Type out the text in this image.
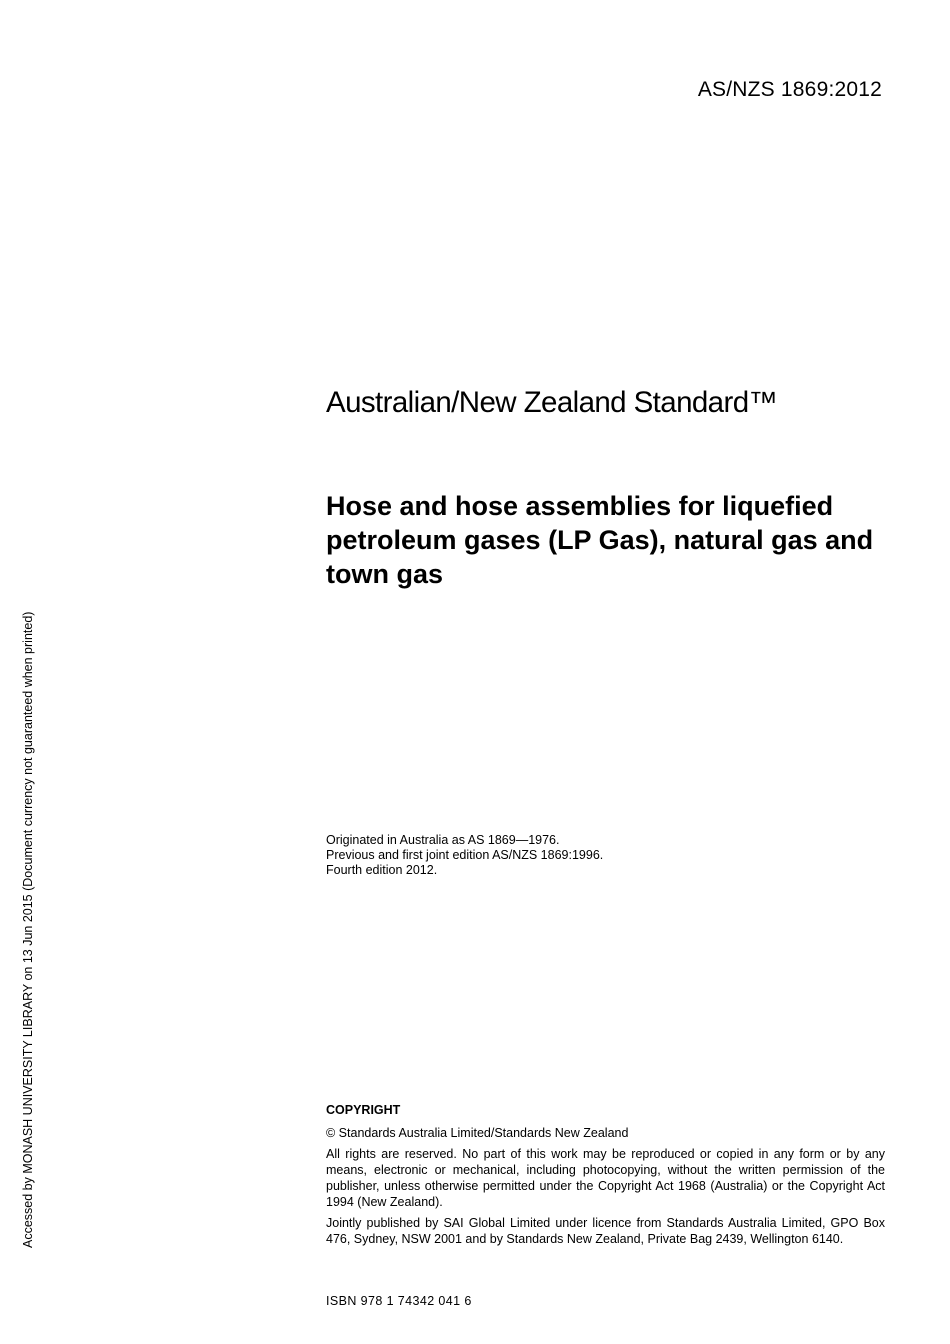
AS/NZS 1869:2012
Accessed by MONASH UNIVERSITY LIBRARY on 13 Jun 2015 (Document currency not guaranteed when printed)
Australian/New Zealand Standard™
Hose and hose assemblies for liquefied petroleum gases (LP Gas), natural gas and town gas
Originated in Australia as AS 1869—1976.
Previous and first joint edition AS/NZS 1869:1996.
Fourth edition 2012.
COPYRIGHT

© Standards Australia Limited/Standards New Zealand

All rights are reserved. No part of this work may be reproduced or copied in any form or by any means, electronic or mechanical, including photocopying, without the written permission of the publisher, unless otherwise permitted under the Copyright Act 1968 (Australia) or the Copyright Act 1994 (New Zealand).

Jointly published by SAI Global Limited under licence from Standards Australia Limited, GPO Box 476, Sydney, NSW 2001 and by Standards New Zealand, Private Bag 2439, Wellington 6140.

ISBN 978 1 74342 041 6
